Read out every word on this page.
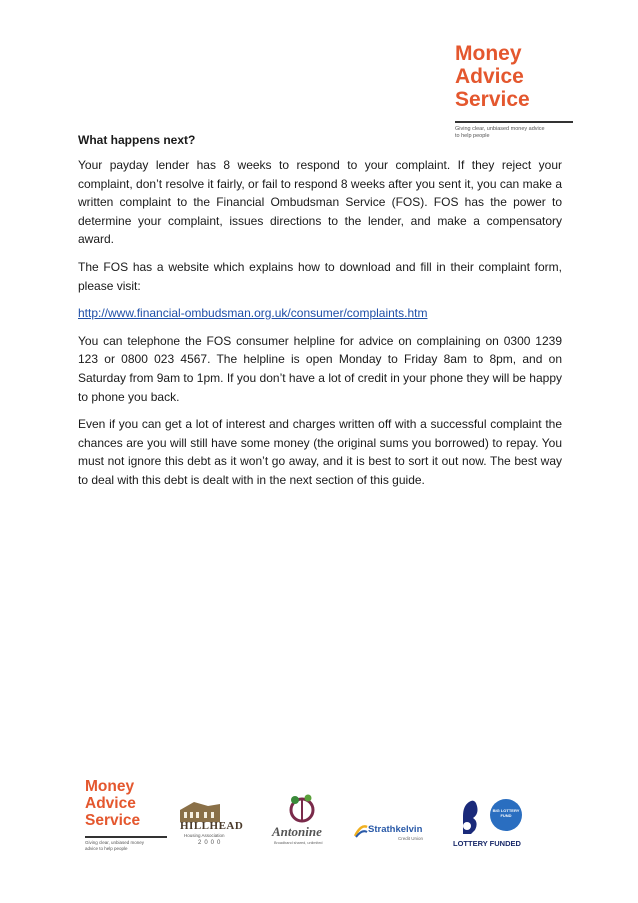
Money
Advice
Service
Giving clear, unbiased money advice to help people
What happens next?

Your payday lender has 8 weeks to respond to your complaint. If they reject your complaint, don’t resolve it fairly, or fail to respond 8 weeks after you sent it, you can make a written complaint to the Financial Ombudsman Service (FOS). FOS has the power to determine your complaint, issues directions to the lender, and make a compensatory award.

The FOS has a website which explains how to download and fill in their complaint form, please visit:

http://www.financial-ombudsman.org.uk/consumer/complaints.htm

You can telephone the FOS consumer helpline for advice on complaining on 0300 1239 123 or 0800 023 4567. The helpline is open Monday to Friday 8am to 8pm, and on Saturday from 9am to 1pm. If you don’t have a lot of credit in your phone they will be happy to phone you back.

Even if you can get a lot of interest and charges written off with a successful complaint the chances are you will still have some money (the original sums you borrowed) to repay. You must not ignore this debt as it won’t go away, and it is best to sort it out now. The best way to deal with this debt is dealt with in the next section of this guide.

Money
Advice
Service
Giving clear, unbiased money advice to help people
HILLHEAD
Housing Association
2000
Antonine
Broadband shared, unlimited
Strathkelvin
Credit Union
BIG LOTTERY FUND
LOTTERY FUNDED
